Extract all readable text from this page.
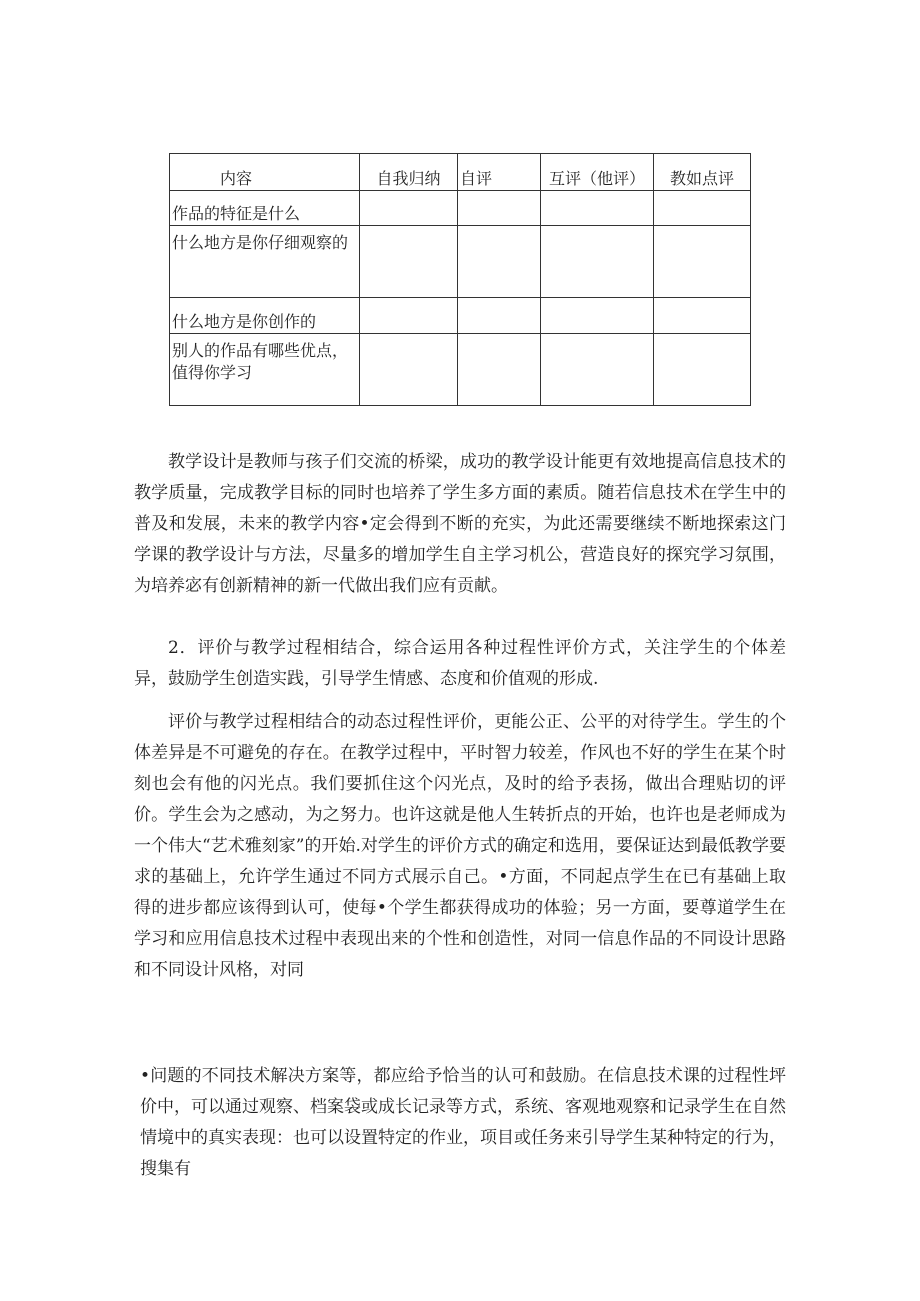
内容	自我归纳	自评	互评（他评）	教如点评
作品的特征是什么				

什么地方是你仔细观察的				

什么地方是你创作的				

别人的作品有哪些优点，
值得你学习				

教学设计是教师与孩子们交流的桥梁，成功的教学设计能更有效地提高信息技术的教学质量，完成教学目标的同时也培养了学生多方面的素质。随若信息技术在学生中的普及和发展，未来的教学内容•定会得到不断的充实，为此还需要继续不断地探索这门学课的教学设计与方法，尽量多的增加学生自主学习机公，营造良好的探究学习氛围，为培养宓有创新精神的新一代做出我们应有贡献。

2．评价与教学过程相结合，综合运用各种过程性评价方式，关注学生的个体差异，鼓励学生创造实践，引导学生情感、态度和价值观的形成.

评价与教学过程相结合的动态过程性评价，更能公正、公平的对待学生。学生的个体差异是不可避免的存在。在教学过程中，平时智力较差，作风也不好的学生在某个时刻也会有他的闪光点。我们要抓住这个闪光点，及时的给予表扬，做出合理贴切的评价。学生会为之感动，为之努力。也许这就是他人生转折点的开始，也许也是老师成为一个伟大“艺术雅刻家”的开始.对学生的评价方式的确定和选用，要保证达到最低教学要求的基础上，允许学生通过不同方式展示自己。•方面，不同起点学生在已有基础上取得的进步都应该得到认可，使每•个学生都获得成功的体验；另一方面，要尊道学生在学习和应用信息技术过程中表现出来的个性和创造性，对同一信息作品的不同设计思路和不同设计风格，对同

•问题的不同技术解决方案等，都应给予恰当的认可和鼓励。在信息技术课的过程性坪价中，可以通过观察、档案袋或成长记录等方式，系统、客观地观察和记录学生在自然情境中的真实表现：也可以设置特定的作业，项目或任务来引导学生某种特定的行为，搜集有
